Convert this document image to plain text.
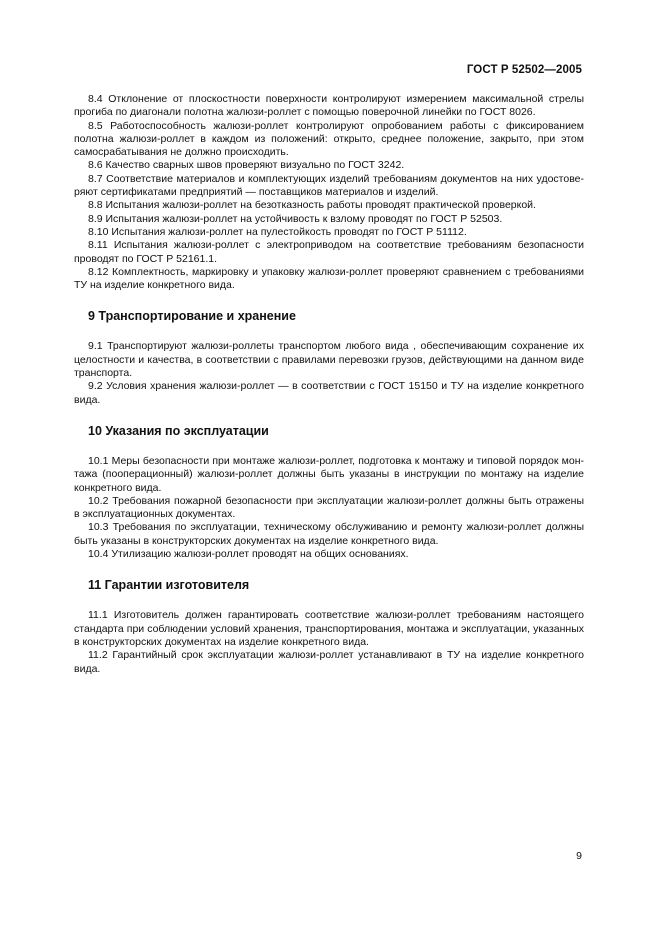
ГОСТ Р 52502—2005

8.4 Отклонение от плоскостности поверхности контролируют измерением максимальной стрелы прогиба по диагонали полотна жалюзи-роллет с помощью поверочной линейки по ГОСТ 8026.

8.5 Работоспособность жалюзи-роллет контролируют опробованием работы с фиксированием полотна жалюзи-роллет в каждом из положений: открыто, среднее положение, закрыто, при этом самосрабатывания не должно происходить.

8.6 Качество сварных швов проверяют визуально по ГОСТ 3242.

8.7 Соответствие материалов и комплектующих изделий требованиям документов на них удостоверяют сертификатами предприятий — поставщиков материалов и изделий.

8.8 Испытания жалюзи-роллет на безотказность работы проводят практической проверкой.

8.9 Испытания жалюзи-роллет на устойчивость к взлому проводят по ГОСТ Р 52503.

8.10 Испытания жалюзи-роллет на пулестойкость проводят по ГОСТ Р 51112.

8.11 Испытания жалюзи-роллет с электроприводом на соответствие требованиям безопасности проводят по ГОСТ Р 52161.1.

8.12 Комплектность, маркировку и упаковку жалюзи-роллет проверяют сравнением с требованиями ТУ на изделие конкретного вида.

9 Транспортирование и хранение

9.1 Транспортируют жалюзи-роллеты транспортом любого вида , обеспечивающим сохранение их целостности и качества, в соответствии с правилами перевозки грузов, действующими на данном виде транспорта.

9.2 Условия хранения жалюзи-роллет — в соответствии с ГОСТ 15150 и ТУ на изделие конкретного вида.

10 Указания по эксплуатации

10.1 Меры безопасности при монтаже жалюзи-роллет, подготовка к монтажу и типовой порядок монтажа (пооперационный) жалюзи-роллет должны быть указаны в инструкции по монтажу на изделие конкретного вида.

10.2 Требования пожарной безопасности при эксплуатации жалюзи-роллет должны быть отражены в эксплуатационных документах.

10.3 Требования по эксплуатации, техническому обслуживанию и ремонту жалюзи-роллет должны быть указаны в конструкторских документах на изделие конкретного вида.

10.4 Утилизацию жалюзи-роллет проводят на общих основаниях.

11 Гарантии изготовителя

11.1 Изготовитель должен гарантировать соответствие жалюзи-роллет требованиям настоящего стандарта при соблюдении условий хранения, транспортирования, монтажа и эксплуатации, указанных в конструкторских документах на изделие конкретного вида.

11.2 Гарантийный срок эксплуатации жалюзи-роллет устанавливают в ТУ на изделие конкретного вида.

9
